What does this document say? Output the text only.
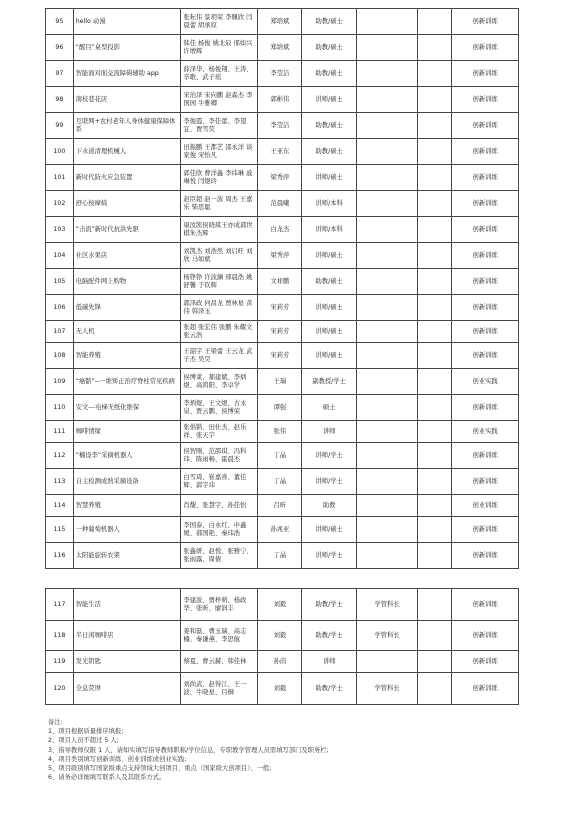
95	hello 动漫	张耘伟 景玥荣 李佩欣 闫晨蕾 胡承原	郑培斌	助教/硕士			创新训练
96	“醒目”桌型投影	韩佳 杨俊 姚北辰 邢如兴 许增辉	郑培斌	助教/硕士			创新训练
97	智能面对面交流障碍辅助 app	薛泽华、杨俊翔、王涛、辛歌、武子瑶	李莹洁	助教/硕士			创新训练
98	南枝巷花店	宋治泽 宋向鹏 赵森杰 李国园 牛雅卿	郭彬伟	讲师/硕士			创新训练
99	互联网+农村老年人身体健康保障体系	李俊霞、李佳蕾、李望宜、贾雪荧	李莹洁	助教/硕士			创新训练
100	下水道清理机械人	田振鹏 王都艺 邵永洋 谈家俊 宋怡凡	王亚东	助教/硕士			创新训练
101	新时代防火应急装置	郭佳欣 曹洋鑫 李纬琳 戚琳悦 闫煜玲	梁秀萍	讲师/硕士			创新训练
102	舒心按摩椅	赵臣超 赵一波 周杰 王嘉乐 柴思聪	范晨曦	讲师/本科			创新训练
103	“击流”新时代抗洪先驱	康汝凯侯晓琪王亦成郭世棋朱杰辉	白龙杰	讲师/本科			创新训练
104	社区水果店	刘凯杰 刘浩然 刘启旺 刘欣 马如斌	梁秀萍	讲师/硕士			创新训练
105	电脑配件网上购物	杨铮铮 许波澜 邢晨浩 姚舒馨 于钦辉	文祥鹏	助教/硕士			创新训练
106	低碳先锋	郭泽政 何昌龙 贾林星 黄伟 韩泽玉	宋莉芳	讲师/硕士			创新训练
107	无人机	张超 张宏伟 张鹏 朱耀文 张云浩	宋莉芳	讲师/硕士			创新训练
108	智能养殖	王韶宇 王梁蕾 王云龙 武子杰 吴昊	宋莉芳	讲师/硕士			创新训练
109	“癌骼”--一维矫正治疗脊柱常见疾病	侯博莱、郝建斌、李炳煜、高鸿阳、李卓学	王瑞	副教授/学士			创业实践
110	安文---电梯无纸化维保	李炳煜、王文煜、古永泉、贾云鹏、侯博荣	谭强	硕士			创新训练
111	咖啡情缘	张倡锴、田仕杰、赵乐祥、张天宇	张伟	讲师			创业实践
112	“楠设李”采摘机器人	侯智刚、范邵琪、冯科玮、陈雨畅、霍晨杰	丁晶	讲师/学士			创新训练
113	自主检测成熟采摘设备	白雪琦、崔嘉喜、董佳辉、郭宇玮	丁晶	讲师/学士			创新训练
114	智慧养殖	肖馥、张慧宇、孙佳怡	吕昕	助教			创业训练
115	一种葡萄机器人	李国泰、白永红、申鑫媛、郝国艳、秦玮浩	孙兆亚	讲师/硕士			创新训练
116	太阳能旋转衣架	张鑫妍、赵悦、张雅宁、张雨露、周倩	丁晶	讲师/学士			创新训练
117	智能生活	李建波、贾梓萌、杨政华、张昕、廖润丰	刘毅	助教/学士	学管科长		创新训练
118	半日闲咖啡店	姜和磊、曹玉瑞、高志楠、秦谦燕、李思航	刘毅	助教/学士	学管科长		创新训练
119	发光钥匙	蔡夏、曹云赫、韩佳林	孙茵	讲师			创新训练
120	全息荧屏	刘尚武、赵得江、王一波、牛晓星、目桐	刘毅	助教/学士	学管科长		创新训练
备注:
1、项目根据质量排序填报;
2、项目人员不超过 5 人;
3、指导教师仅限 1 人，请如实填写指导教师职称/学位信息，专职教学管理人员需填写部门及职务栏;
4、项目类别填写创新训练、创业训练或创业实践;
5、项目级别填写国家级重点支持领域大创项目、重点（国家级大创项目）、一般;
6、请务必详细填写联系人及其联系方式。
